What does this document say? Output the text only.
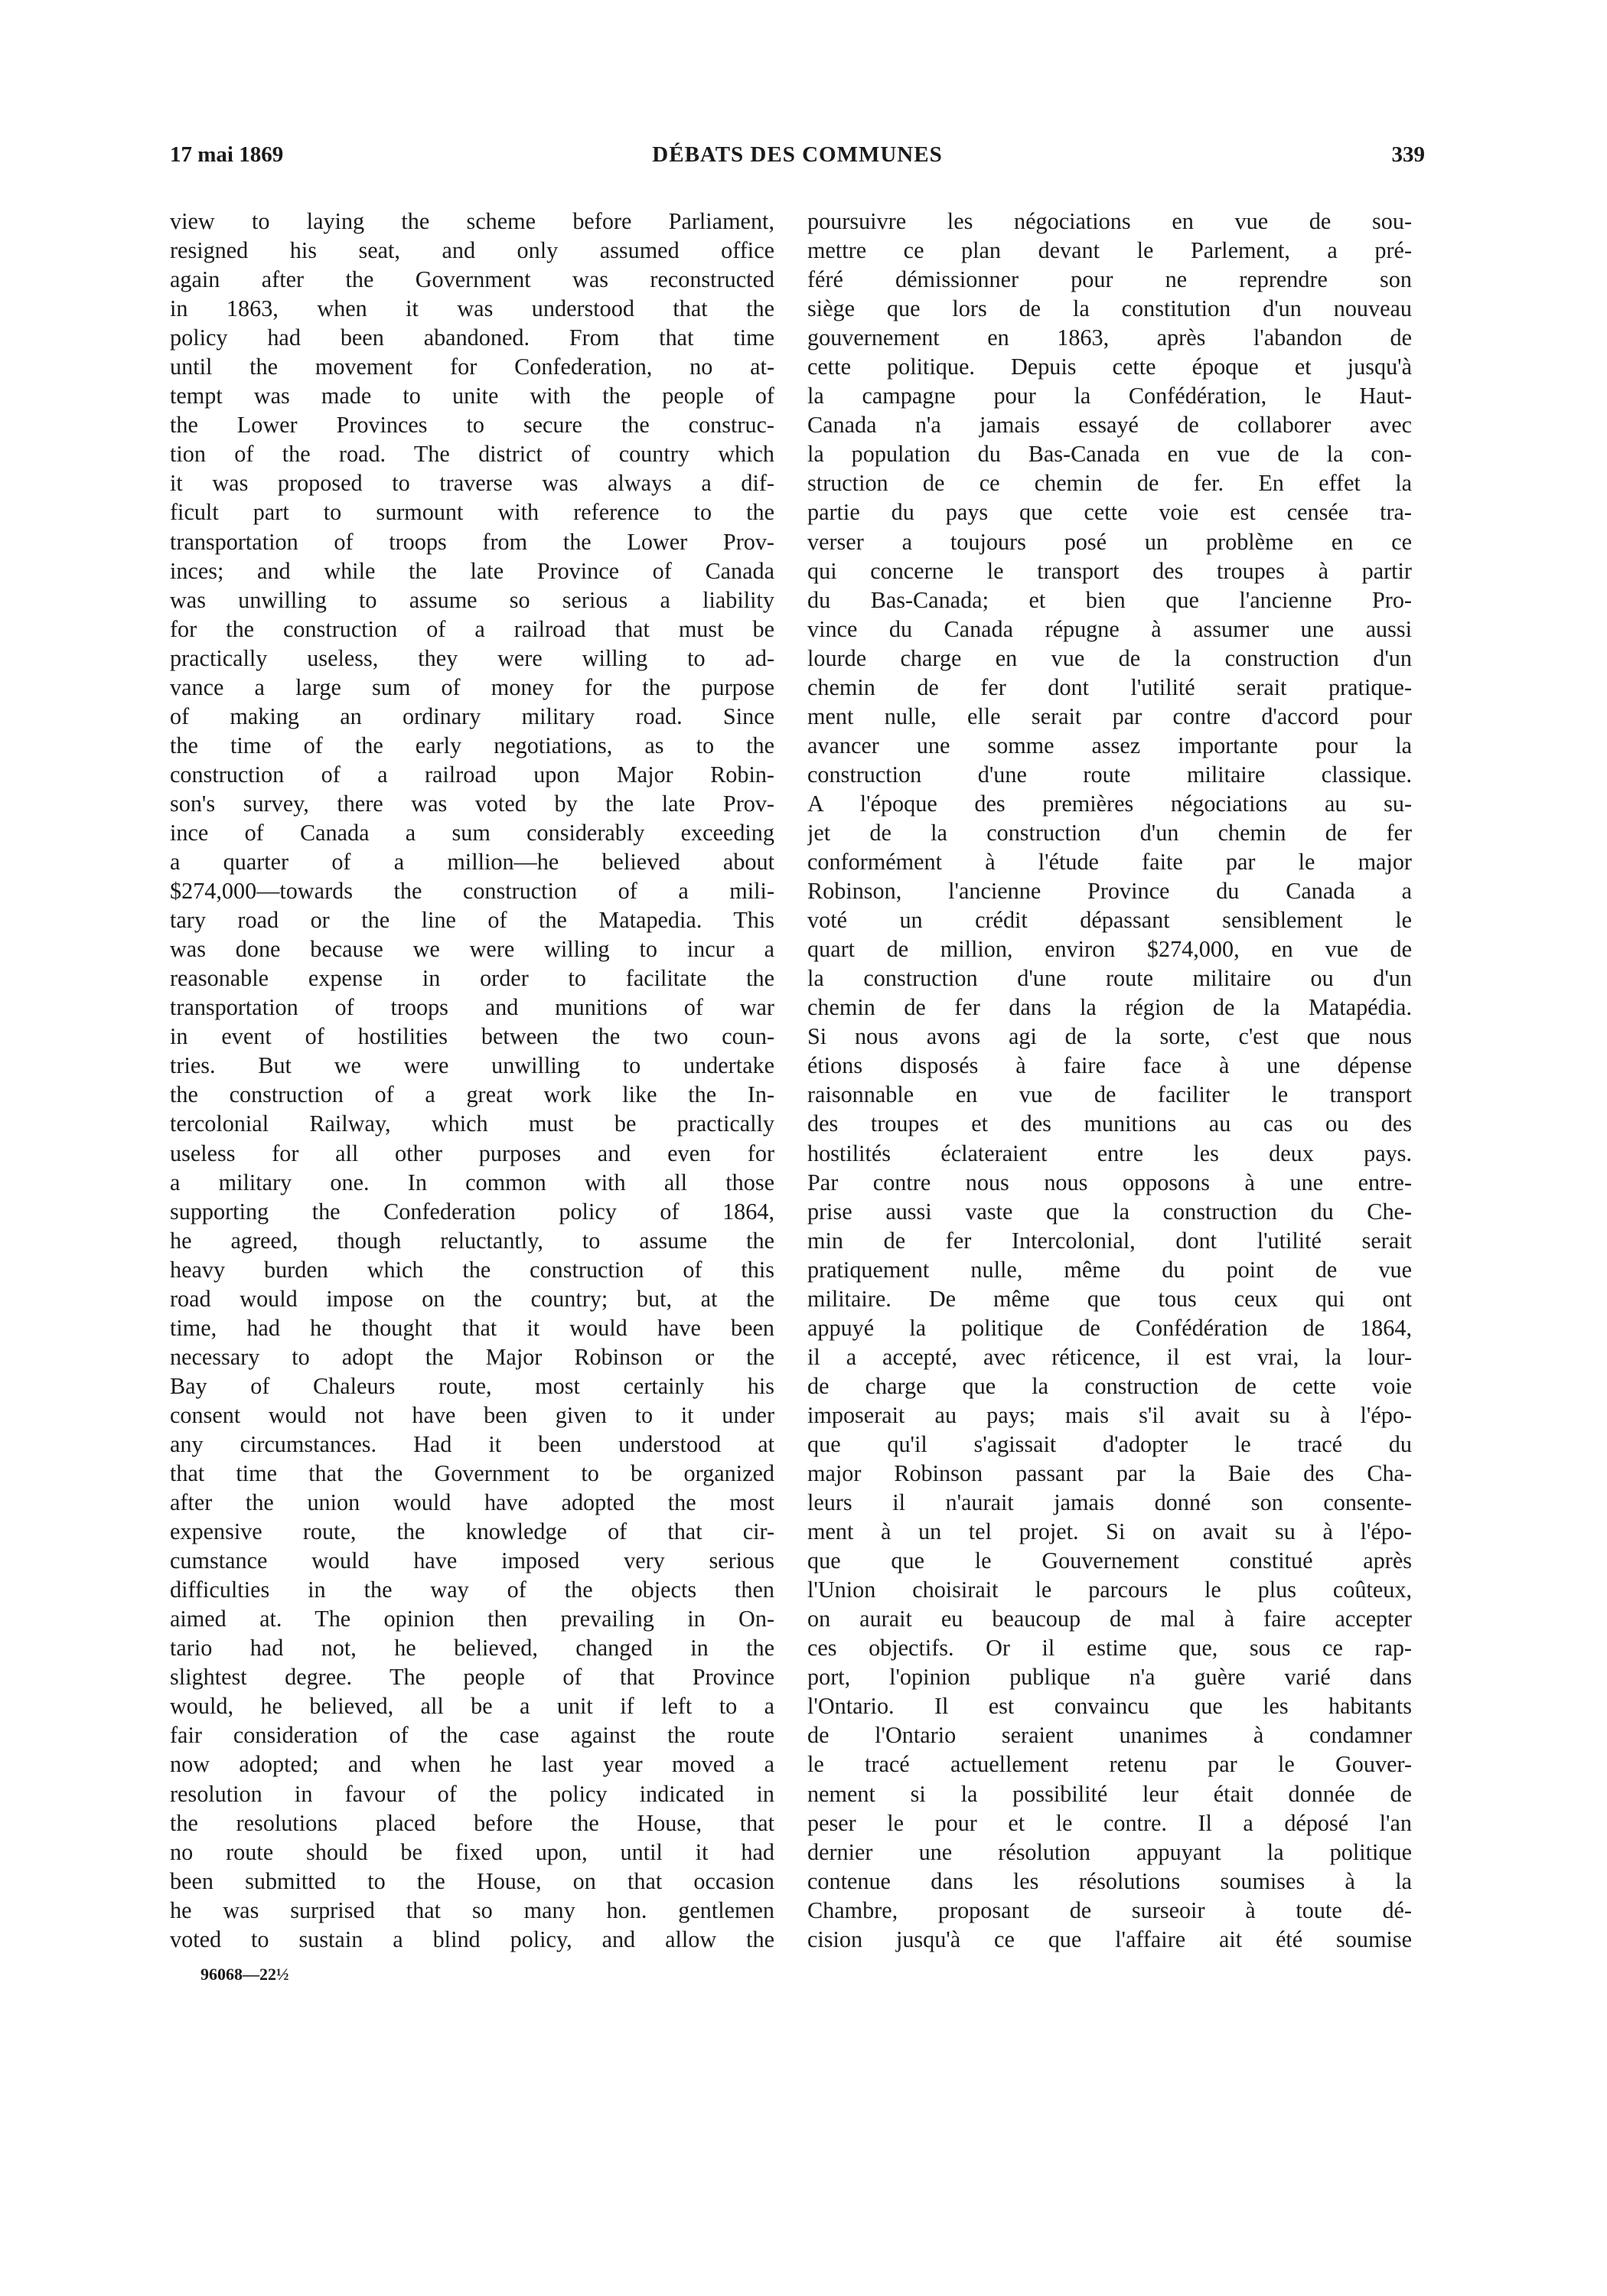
17 mai 1869	DÉBATS DES COMMUNES	339
view to laying the scheme before Parliament,
resigned his seat, and only assumed office
again after the Government was reconstructed
in 1863, when it was understood that the
policy had been abandoned. From that time
until the movement for Confederation, no at-
tempt was made to unite with the people of
the Lower Provinces to secure the construc-
tion of the road. The district of country which
it was proposed to traverse was always a dif-
ficult part to surmount with reference to the
transportation of troops from the Lower Prov-
inces; and while the late Province of Canada
was unwilling to assume so serious a liability
for the construction of a railroad that must be
practically useless, they were willing to ad-
vance a large sum of money for the purpose
of making an ordinary military road. Since
the time of the early negotiations, as to the
construction of a railroad upon Major Robin-
son's survey, there was voted by the late Prov-
ince of Canada a sum considerably exceeding
a quarter of a million—he believed about
$274,000—towards the construction of a mili-
tary road or the line of the Matapedia. This
was done because we were willing to incur a
reasonable expense in order to facilitate the
transportation of troops and munitions of war
in event of hostilities between the two coun-
tries. But we were unwilling to undertake
the construction of a great work like the In-
tercolonial Railway, which must be practically
useless for all other purposes and even for
a military one. In common with all those
supporting the Confederation policy of 1864,
he agreed, though reluctantly, to assume the
heavy burden which the construction of this
road would impose on the country; but, at the
time, had he thought that it would have been
necessary to adopt the Major Robinson or the
Bay of Chaleurs route, most certainly his
consent would not have been given to it under
any circumstances. Had it been understood at
that time that the Government to be organized
after the union would have adopted the most
expensive route, the knowledge of that cir-
cumstance would have imposed very serious
difficulties in the way of the objects then
aimed at. The opinion then prevailing in On-
tario had not, he believed, changed in the
slightest degree. The people of that Province
would, he believed, all be a unit if left to a
fair consideration of the case against the route
now adopted; and when he last year moved a
resolution in favour of the policy indicated in
the resolutions placed before the House, that
no route should be fixed upon, until it had
been submitted to the House, on that occasion
he was surprised that so many hon. gentlemen
voted to sustain a blind policy, and allow the
poursuivre les négociations en vue de sou-
mettre ce plan devant le Parlement, a pré-
féré démissionner pour ne reprendre son
siège que lors de la constitution d'un nouveau
gouvernement en 1863, après l'abandon de
cette politique. Depuis cette époque et jusqu'à
la campagne pour la Confédération, le Haut-
Canada n'a jamais essayé de collaborer avec
la population du Bas-Canada en vue de la con-
struction de ce chemin de fer. En effet la
partie du pays que cette voie est censée tra-
verser a toujours posé un problème en ce
qui concerne le transport des troupes à partir
du Bas-Canada; et bien que l'ancienne Pro-
vince du Canada répugne à assumer une aussi
lourde charge en vue de la construction d'un
chemin de fer dont l'utilité serait pratique-
ment nulle, elle serait par contre d'accord pour
avancer une somme assez importante pour la
construction d'une route militaire classique.
A l'époque des premières négociations au su-
jet de la construction d'un chemin de fer
conformément à l'étude faite par le major
Robinson, l'ancienne Province du Canada a
voté un crédit dépassant sensiblement le
quart de million, environ $274,000, en vue de
la construction d'une route militaire ou d'un
chemin de fer dans la région de la Matapédia.
Si nous avons agi de la sorte, c'est que nous
étions disposés à faire face à une dépense
raisonnable en vue de faciliter le transport
des troupes et des munitions au cas ou des
hostilités éclateraient entre les deux pays.
Par contre nous nous opposons à une entre-
prise aussi vaste que la construction du Che-
min de fer Intercolonial, dont l'utilité serait
pratiquement nulle, même du point de vue
militaire. De même que tous ceux qui ont
appuyé la politique de Confédération de 1864,
il a accepté, avec réticence, il est vrai, la lour-
de charge que la construction de cette voie
imposerait au pays; mais s'il avait su à l'épo-
que qu'il s'agissait d'adopter le tracé du
major Robinson passant par la Baie des Cha-
leurs il n'aurait jamais donné son consente-
ment à un tel projet. Si on avait su à l'épo-
que que le Gouvernement constitué après
l'Union choisirait le parcours le plus coûteux,
on aurait eu beaucoup de mal à faire accepter
ces objectifs. Or il estime que, sous ce rap-
port, l'opinion publique n'a guère varié dans
l'Ontario. Il est convaincu que les habitants
de l'Ontario seraient unanimes à condamner
le tracé actuellement retenu par le Gouver-
nement si la possibilité leur était donnée de
peser le pour et le contre. Il a déposé l'an
dernier une résolution appuyant la politique
contenue dans les résolutions soumises à la
Chambre, proposant de surseoir à toute dé-
cision jusqu'à ce que l'affaire ait été soumise
96068—22½
